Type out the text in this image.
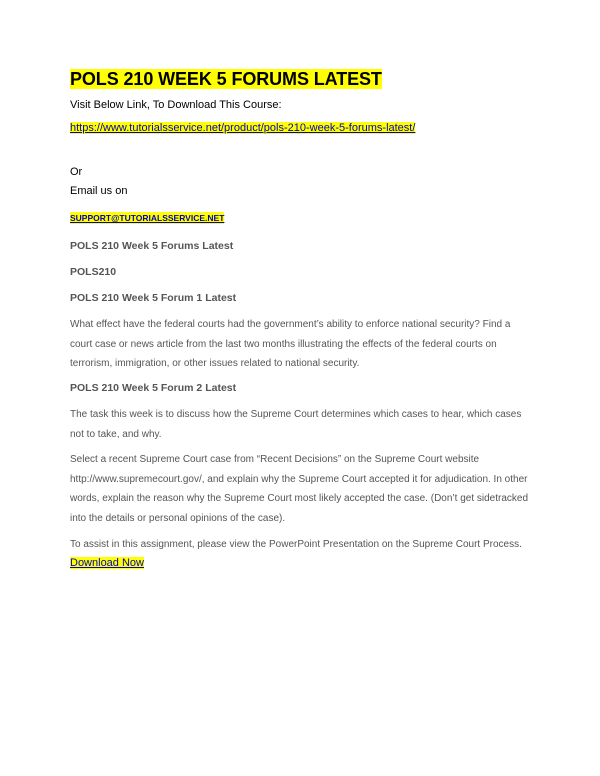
POLS 210 WEEK 5 FORUMS LATEST

Visit Below Link, To Download This Course:

https://www.tutorialsservice.net/product/pols-210-week-5-forums-latest/

Or

Email us on

SUPPORT@TUTORIALSSERVICE.NET

POLS 210 Week 5 Forums Latest

POLS210

POLS 210 Week 5 Forum 1 Latest

What effect have the federal courts had the government’s ability to enforce national security? Find a court case or news article from the last two months illustrating the effects of the federal courts on terrorism, immigration, or other issues related to national security.

POLS 210 Week 5 Forum 2 Latest

The task this week is to discuss how the Supreme Court determines which cases to hear, which cases not to take, and why.

Select a recent Supreme Court case from “Recent Decisions” on the Supreme Court website http://www.supremecourt.gov/, and explain why the Supreme Court accepted it for adjudication. In other words, explain the reason why the Supreme Court most likely accepted the case. (Don’t get sidetracked into the details or personal opinions of the case).

To assist in this assignment, please view the PowerPoint Presentation on the Supreme Court Process.

Download Now
